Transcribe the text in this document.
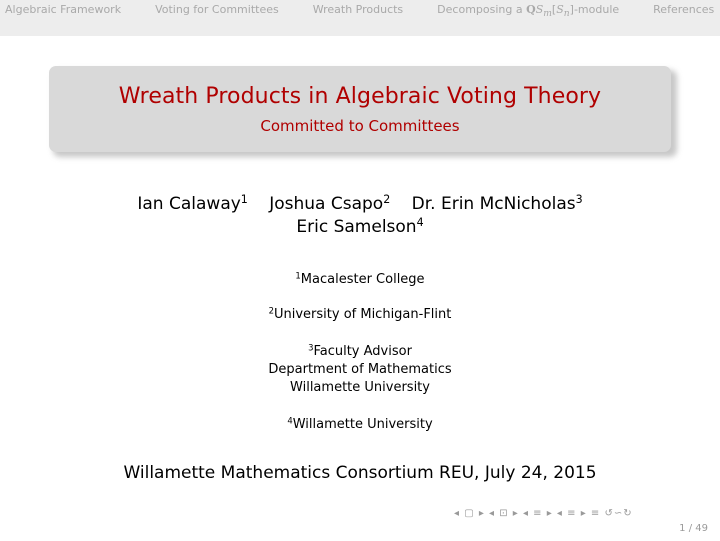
Algebraic Framework	Voting for Committees	Wreath Products	Decomposing a $QS_m[S_n]$-module	References
Wreath Products in Algebraic Voting Theory
Committed to Committees
Ian Calaway$^1$ Joshua Csapo$^2$ Dr. Erin McNicholas$^3$
Eric Samelson$^4$
$^1$Macalester College
$^2$University of Michigan-Flint
$^3$Faculty Advisor
Department of Mathematics
Willamette University
$^4$Willamette University
Willamette Mathematics Consortium REU, July 24, 2015
◂ ▢ ▸ ◂ ⊡ ▸ ◂ ≡ ▸ ◂ ≡ ▸ ≡ ↺∽↻
1 / 49
